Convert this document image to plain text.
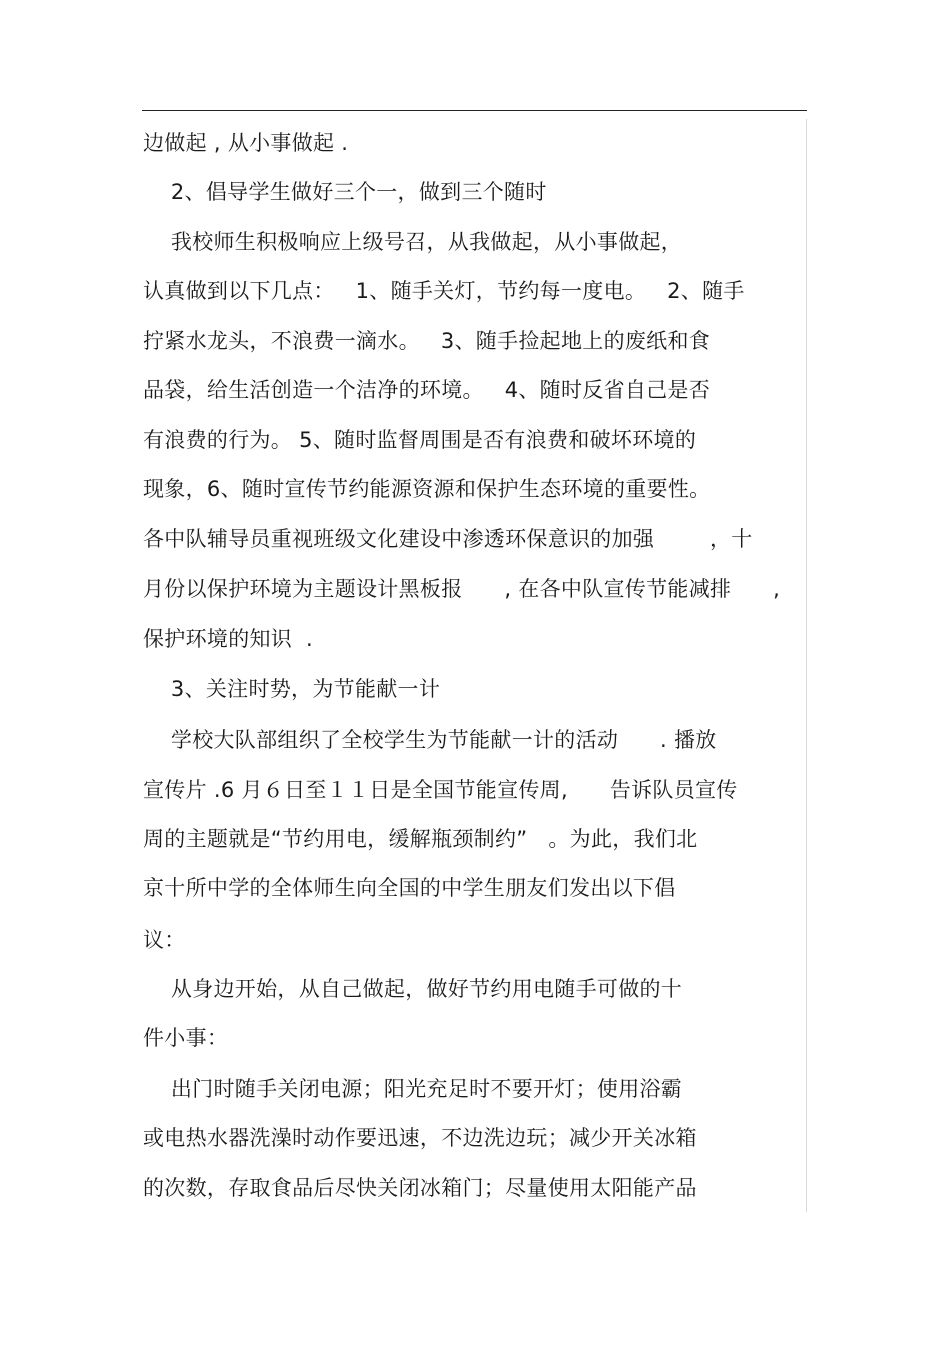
边做起 , 从小事做起 .
2、倡导学生做好三个一，做到三个随时
我校师生积极响应上级号召，从我做起，从小事做起，
认真做到以下几点：   1、随手关灯，节约每一度电。   2、随手
拧紧水龙头，不浪费一滴水。   3、随手捡起地上的废纸和食
品袋，给生活创造一个洁净的环境。   4、随时反省自己是否
有浪费的行为。 5、随时监督周围是否有浪费和破坏环境的
现象，6、随时宣传节约能源资源和保护生态环境的重要性。
各中队辅导员重视班级文化建设中渗透环保意识的加强        ，十
月份以保护环境为主题设计黑板报      , 在各中队宣传节能减排      ,
保护环境的知识  .
3、关注时势，为节能献一计
学校大队部组织了全校学生为节能献一计的活动      . 播放
宣传片 .6 月６日至１１日是全国节能宣传周,      告诉队员宣传
周的主题就是“节约用电，缓解瓶颈制约”   。为此，我们北
京十所中学的全体师生向全国的中学生朋友们发出以下倡
议：
从身边开始，从自己做起，做好节约用电随手可做的十
件小事：
出门时随手关闭电源；阳光充足时不要开灯；使用浴霸
或电热水器洗澡时动作要迅速，不边洗边玩；减少开关冰箱
的次数，存取食品后尽快关闭冰箱门；尽量使用太阳能产品
